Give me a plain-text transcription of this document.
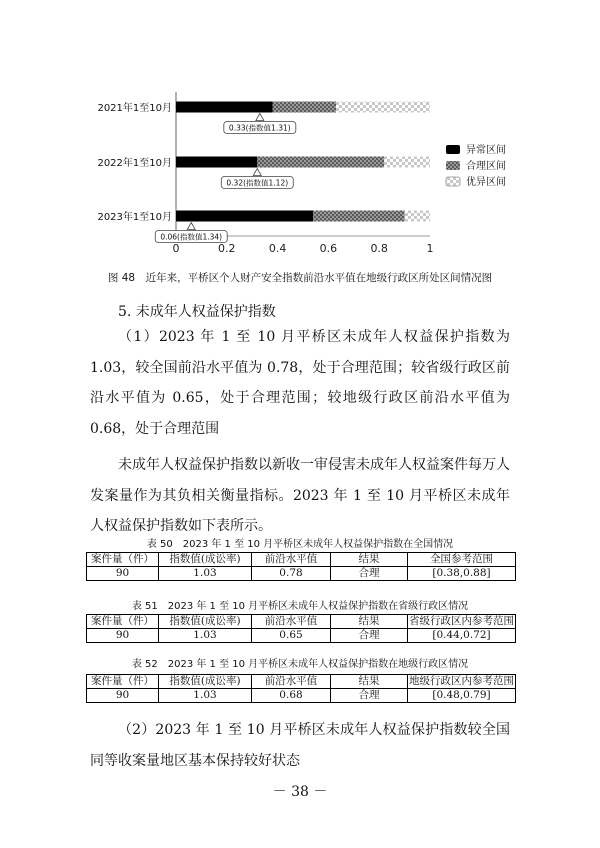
0	0.2	0.4	0.6	0.8	1
2021年1至10月
2022年1至10月
2023年1至10月
0.33(指数值1.31)
0.32(指数值1.12)
0.06(指数值1.34)
异常区间
合理区间
优异区间
图 48　近年来，平桥区个人财产安全指数前沿水平值在地级行政区所处区间情况图
5. 未成年人权益保护指数
（1）2023 年 1 至 10 月平桥区未成年人权益保护指数为 1.03，较全国前沿水平值为 0.78，处于合理范围；较省级行政区前沿水平值为 0.65，处于合理范围；较地级行政区前沿水平值为 0.68，处于合理范围
未成年人权益保护指数以新收一审侵害未成年人权益案件每万人发案量作为其负相关衡量指标。2023 年 1 至 10 月平桥区未成年人权益保护指数如下表所示。
表 50　2023 年 1 至 10 月平桥区未成年人权益保护指数在全国情况
案件量（件）	指数值(成讼率)	前沿水平值	结果	全国参考范围
90	1.03	0.78	合理	[0.38,0.88]
表 51　2023 年 1 至 10 月平桥区未成年人权益保护指数在省级行政区情况
案件量（件）	指数值(成讼率)	前沿水平值	结果	省级行政区内参考范围
90	1.03	0.65	合理	[0.44,0.72]
表 52　2023 年 1 至 10 月平桥区未成年人权益保护指数在地级行政区情况
案件量（件）	指数值(成讼率)	前沿水平值	结果	地级行政区内参考范围
90	1.03	0.68	合理	[0.48,0.79]
（2）2023 年 1 至 10 月平桥区未成年人权益保护指数较全国同等收案量地区基本保持较好状态
－ 38 －
